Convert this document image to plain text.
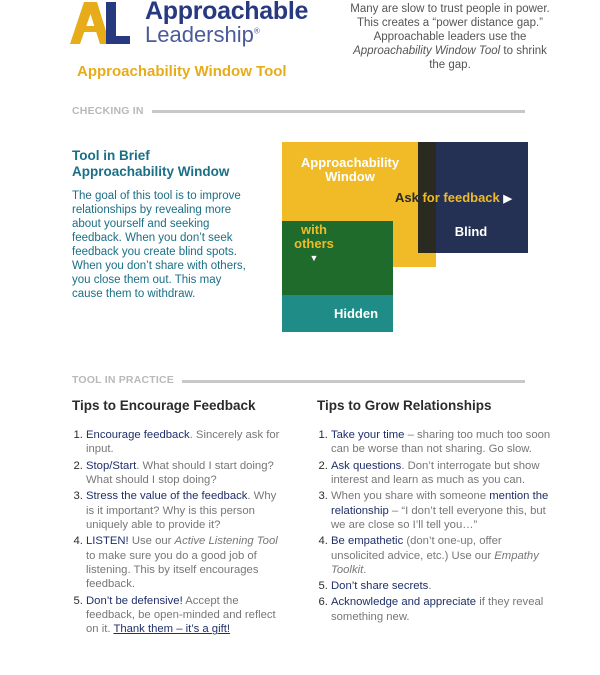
Approachable
Leadership®
Approachability Window Tool
Many are slow to trust people in power. This creates a “power distance gap.” Approachable leaders use the Approachability Window Tool to shrink the gap.
CHECKING IN
Tool in Brief
Approachability Window
The goal of this tool is to improve relationships by revealing more about yourself and seeking feedback. When you don’t seek feedback you create blind spots. When you don’t share with others, you close them out. This may cause them to withdraw.
Approachability
Window
Ask for feedback ▶
Blind
Share
with
others
▼
Hidden
TOOL IN PRACTICE
Tips to Encourage Feedback
1. Encourage feedback. Sincerely ask for input.
2. Stop/Start. What should I start doing? What should I stop doing?
3. Stress the value of the feedback. Why is it important? Why is this person uniquely able to provide it?
4. LISTEN! Use our Active Listening Tool to make sure you do a good job of listening. This by itself encourages feedback.
5. Don’t be defensive! Accept the feedback, be open-minded and reflect on it. Thank them – it’s a gift!
Tips to Grow Relationships
1. Take your time – sharing too much too soon can be worse than not sharing. Go slow.
2. Ask questions. Don’t interrogate but show interest and learn as much as you can.
3. When you share with someone mention the relationship – “I don’t tell everyone this, but we are close so I’ll tell you…”
4. Be empathetic (don’t one-up, offer unsolicited advice, etc.) Use our Empathy Toolkit.
5. Don’t share secrets.
6. Acknowledge and appreciate if they reveal something new.
